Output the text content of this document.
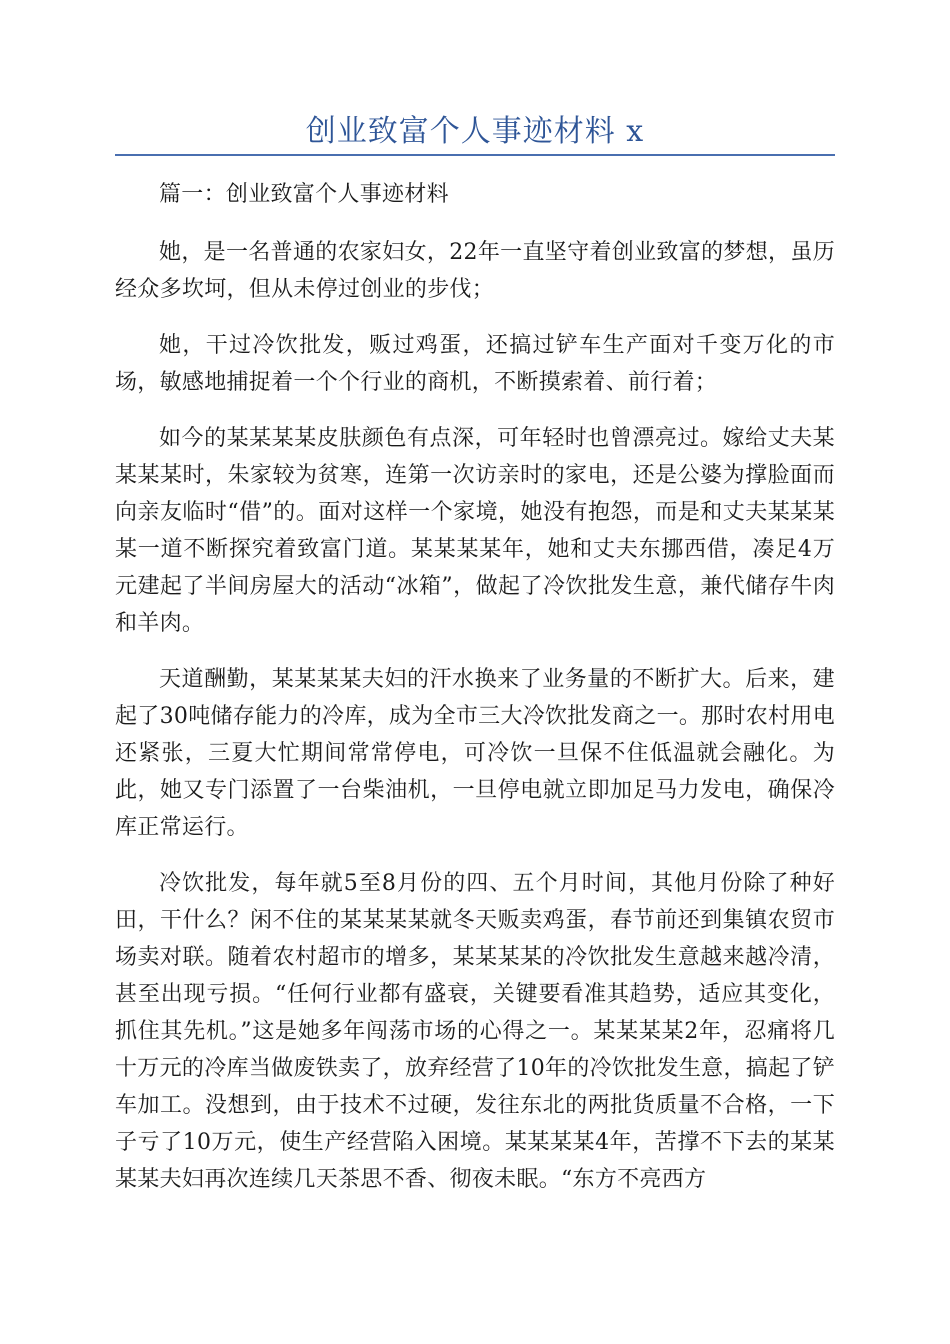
创业致富个人事迹材料 x

篇一：创业致富个人事迹材料

她，是一名普通的农家妇女，22年一直坚守着创业致富的梦想，虽历经众多坎坷，但从未停过创业的步伐；

她，干过冷饮批发，贩过鸡蛋，还搞过铲车生产面对千变万化的市场，敏感地捕捉着一个个行业的商机，不断摸索着、前行着；

如今的某某某某皮肤颜色有点深，可年轻时也曾漂亮过。嫁给丈夫某某某某时，朱家较为贫寒，连第一次访亲时的家电，还是公婆为撑脸面而向亲友临时“借”的。面对这样一个家境，她没有抱怨，而是和丈夫某某某某一道不断探究着致富门道。某某某某年，她和丈夫东挪西借，凑足4万元建起了半间房屋大的活动“冰箱”，做起了冷饮批发生意，兼代储存牛肉和羊肉。

天道酬勤，某某某某夫妇的汗水换来了业务量的不断扩大。后来，建起了30吨储存能力的冷库，成为全市三大冷饮批发商之一。那时农村用电还紧张，三夏大忙期间常常停电，可冷饮一旦保不住低温就会融化。为此，她又专门添置了一台柴油机，一旦停电就立即加足马力发电，确保冷库正常运行。

冷饮批发，每年就5至8月份的四、五个月时间，其他月份除了种好田，干什么？闲不住的某某某某就冬天贩卖鸡蛋，春节前还到集镇农贸市场卖对联。随着农村超市的增多，某某某某的冷饮批发生意越来越冷清，甚至出现亏损。“任何行业都有盛衰，关键要看准其趋势，适应其变化，抓住其先机。”这是她多年闯荡市场的心得之一。某某某某2年，忍痛将几十万元的冷库当做废铁卖了，放弃经营了10年的冷饮批发生意，搞起了铲车加工。没想到，由于技术不过硬，发往东北的两批货质量不合格，一下子亏了10万元，使生产经营陷入困境。某某某某4年，苦撑不下去的某某某某夫妇再次连续几天茶思不香、彻夜未眠。“东方不亮西方
